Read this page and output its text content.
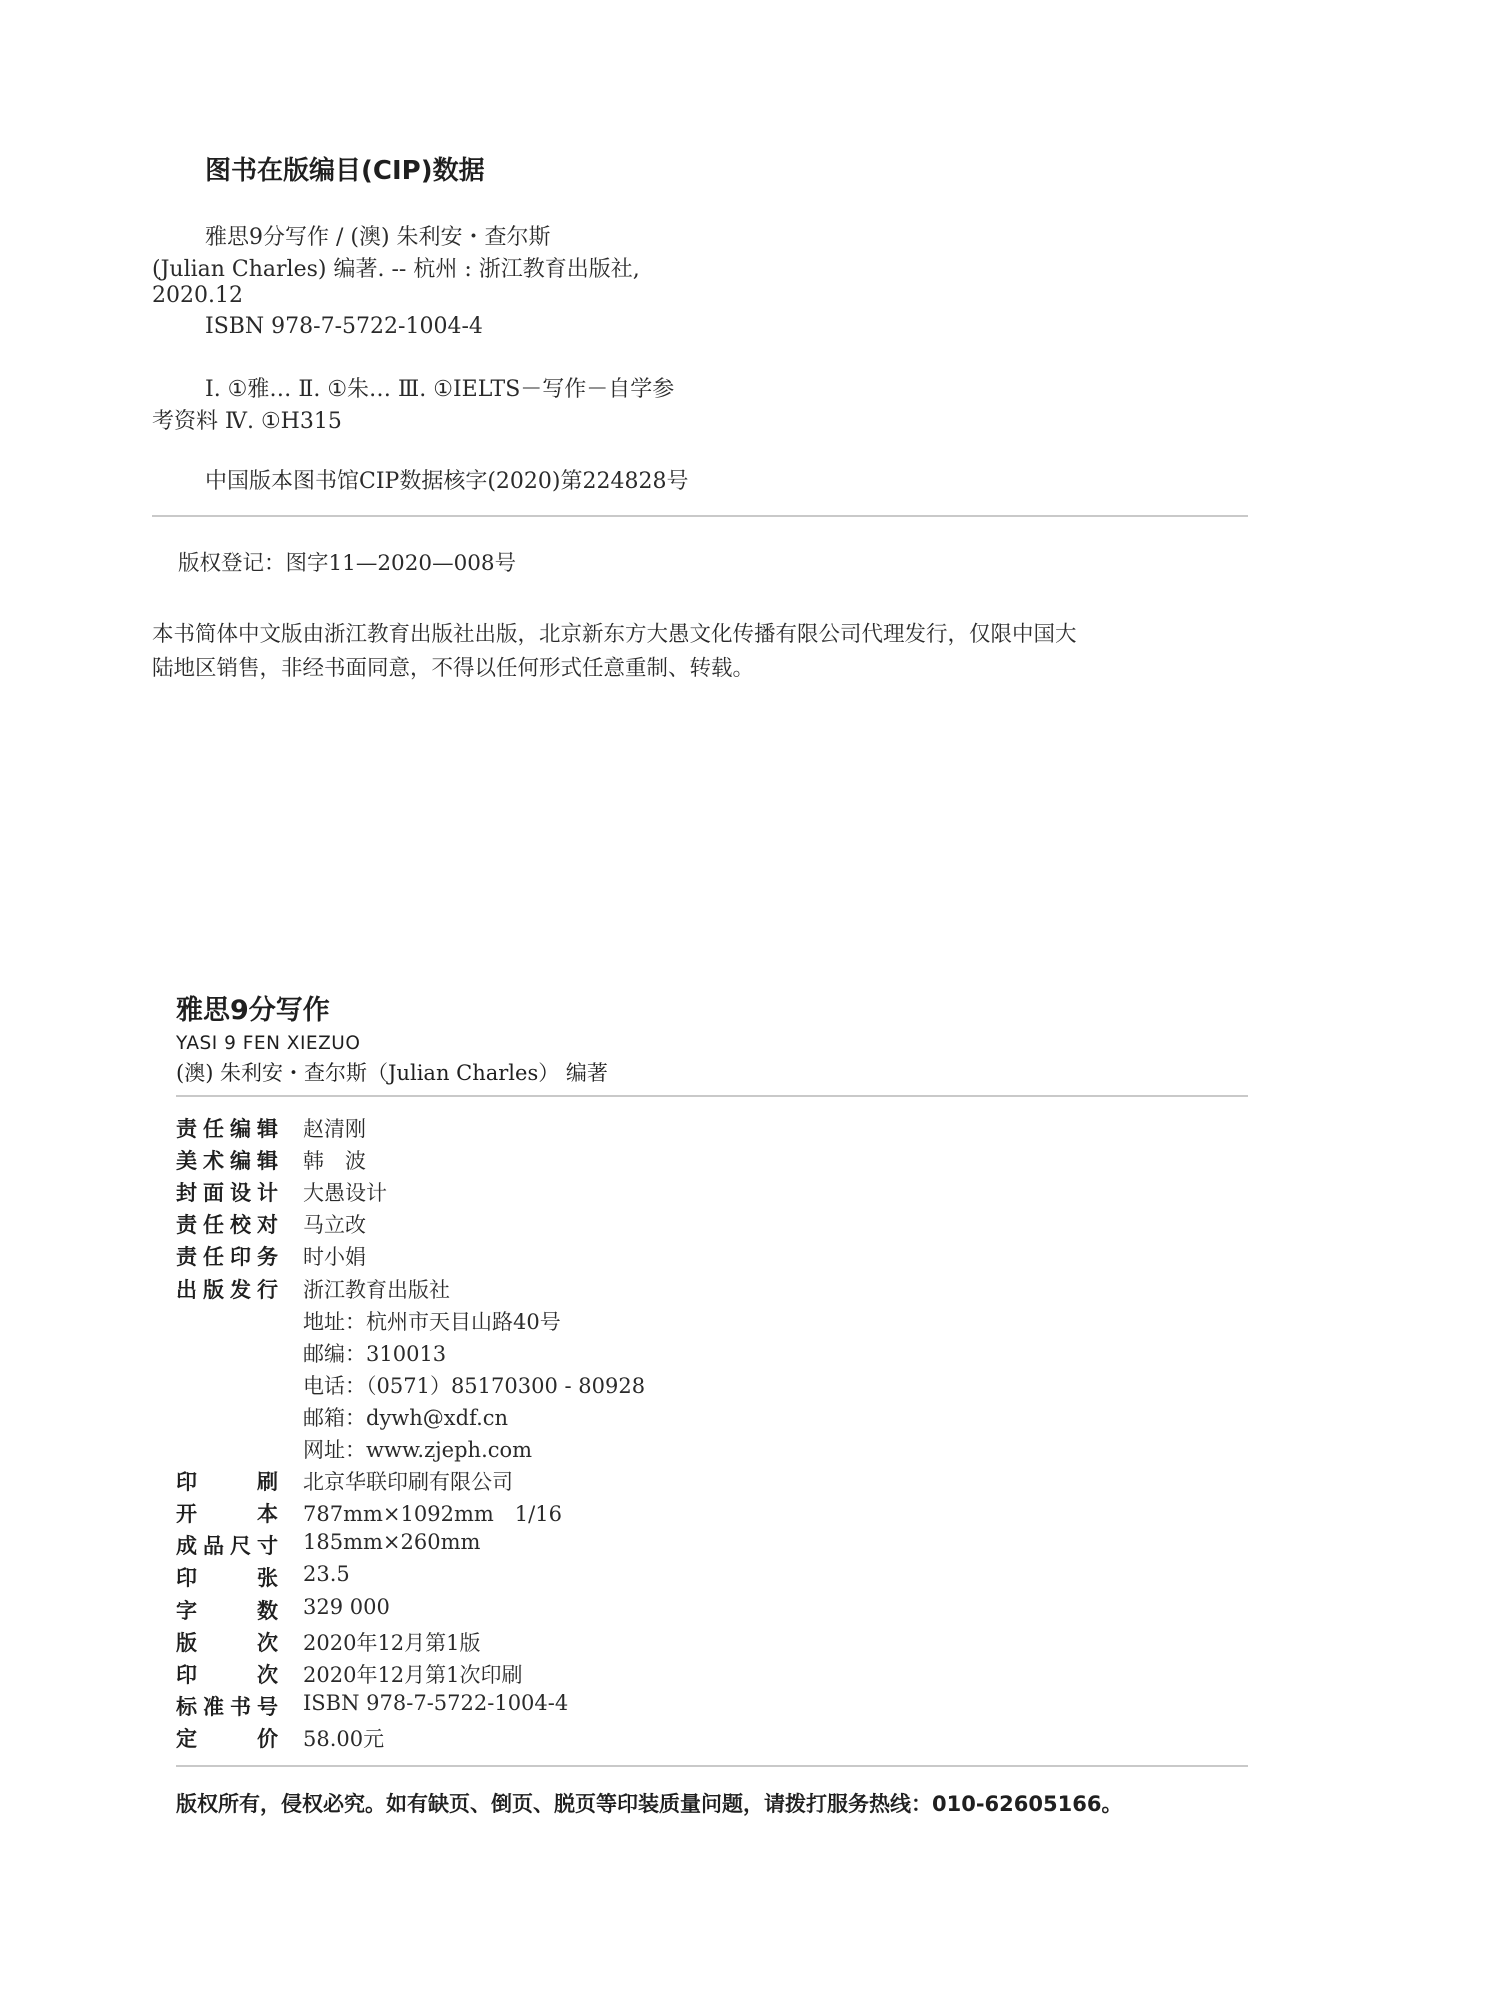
图书在版编目(CIP)数据
雅思9分写作 / (澳) 朱利安・查尔斯
(Julian Charles) 编著. -- 杭州 : 浙江教育出版社,
2020.12
ISBN 978-7-5722-1004-4
Ⅰ. ①雅… Ⅱ. ①朱… Ⅲ. ①IELTS－写作－自学参
考资料 Ⅳ. ①H315
中国版本图书馆CIP数据核字(2020)第224828号
版权登记：图字11—2020—008号
本书简体中文版由浙江教育出版社出版，北京新东方大愚文化传播有限公司代理发行，仅限中国大
陆地区销售，非经书面同意，不得以任何形式任意重制、转载。
雅思9分写作
YASI 9 FEN XIEZUO
(澳) 朱利安・查尔斯（Julian Charles） 编著
责任编辑 赵清刚
美术编辑 韩　波
封面设计 大愚设计
责任校对 马立改
责任印务 时小娟
出版发行 浙江教育出版社
地址：杭州市天目山路40号
邮编：310013
电话：（0571）85170300 - 80928
邮箱：dywh@xdf.cn
网址：www.zjeph.com
印刷 北京华联印刷有限公司
开本 787mm×1092mm　1/16
成品尺寸 185mm×260mm
印张 23.5
字数 329 000
版次 2020年12月第1版
印次 2020年12月第1次印刷
标准书号 ISBN 978-7-5722-1004-4
定价 58.00元
版权所有，侵权必究。如有缺页、倒页、脱页等印装质量问题，请拨打服务热线：010-62605166。
